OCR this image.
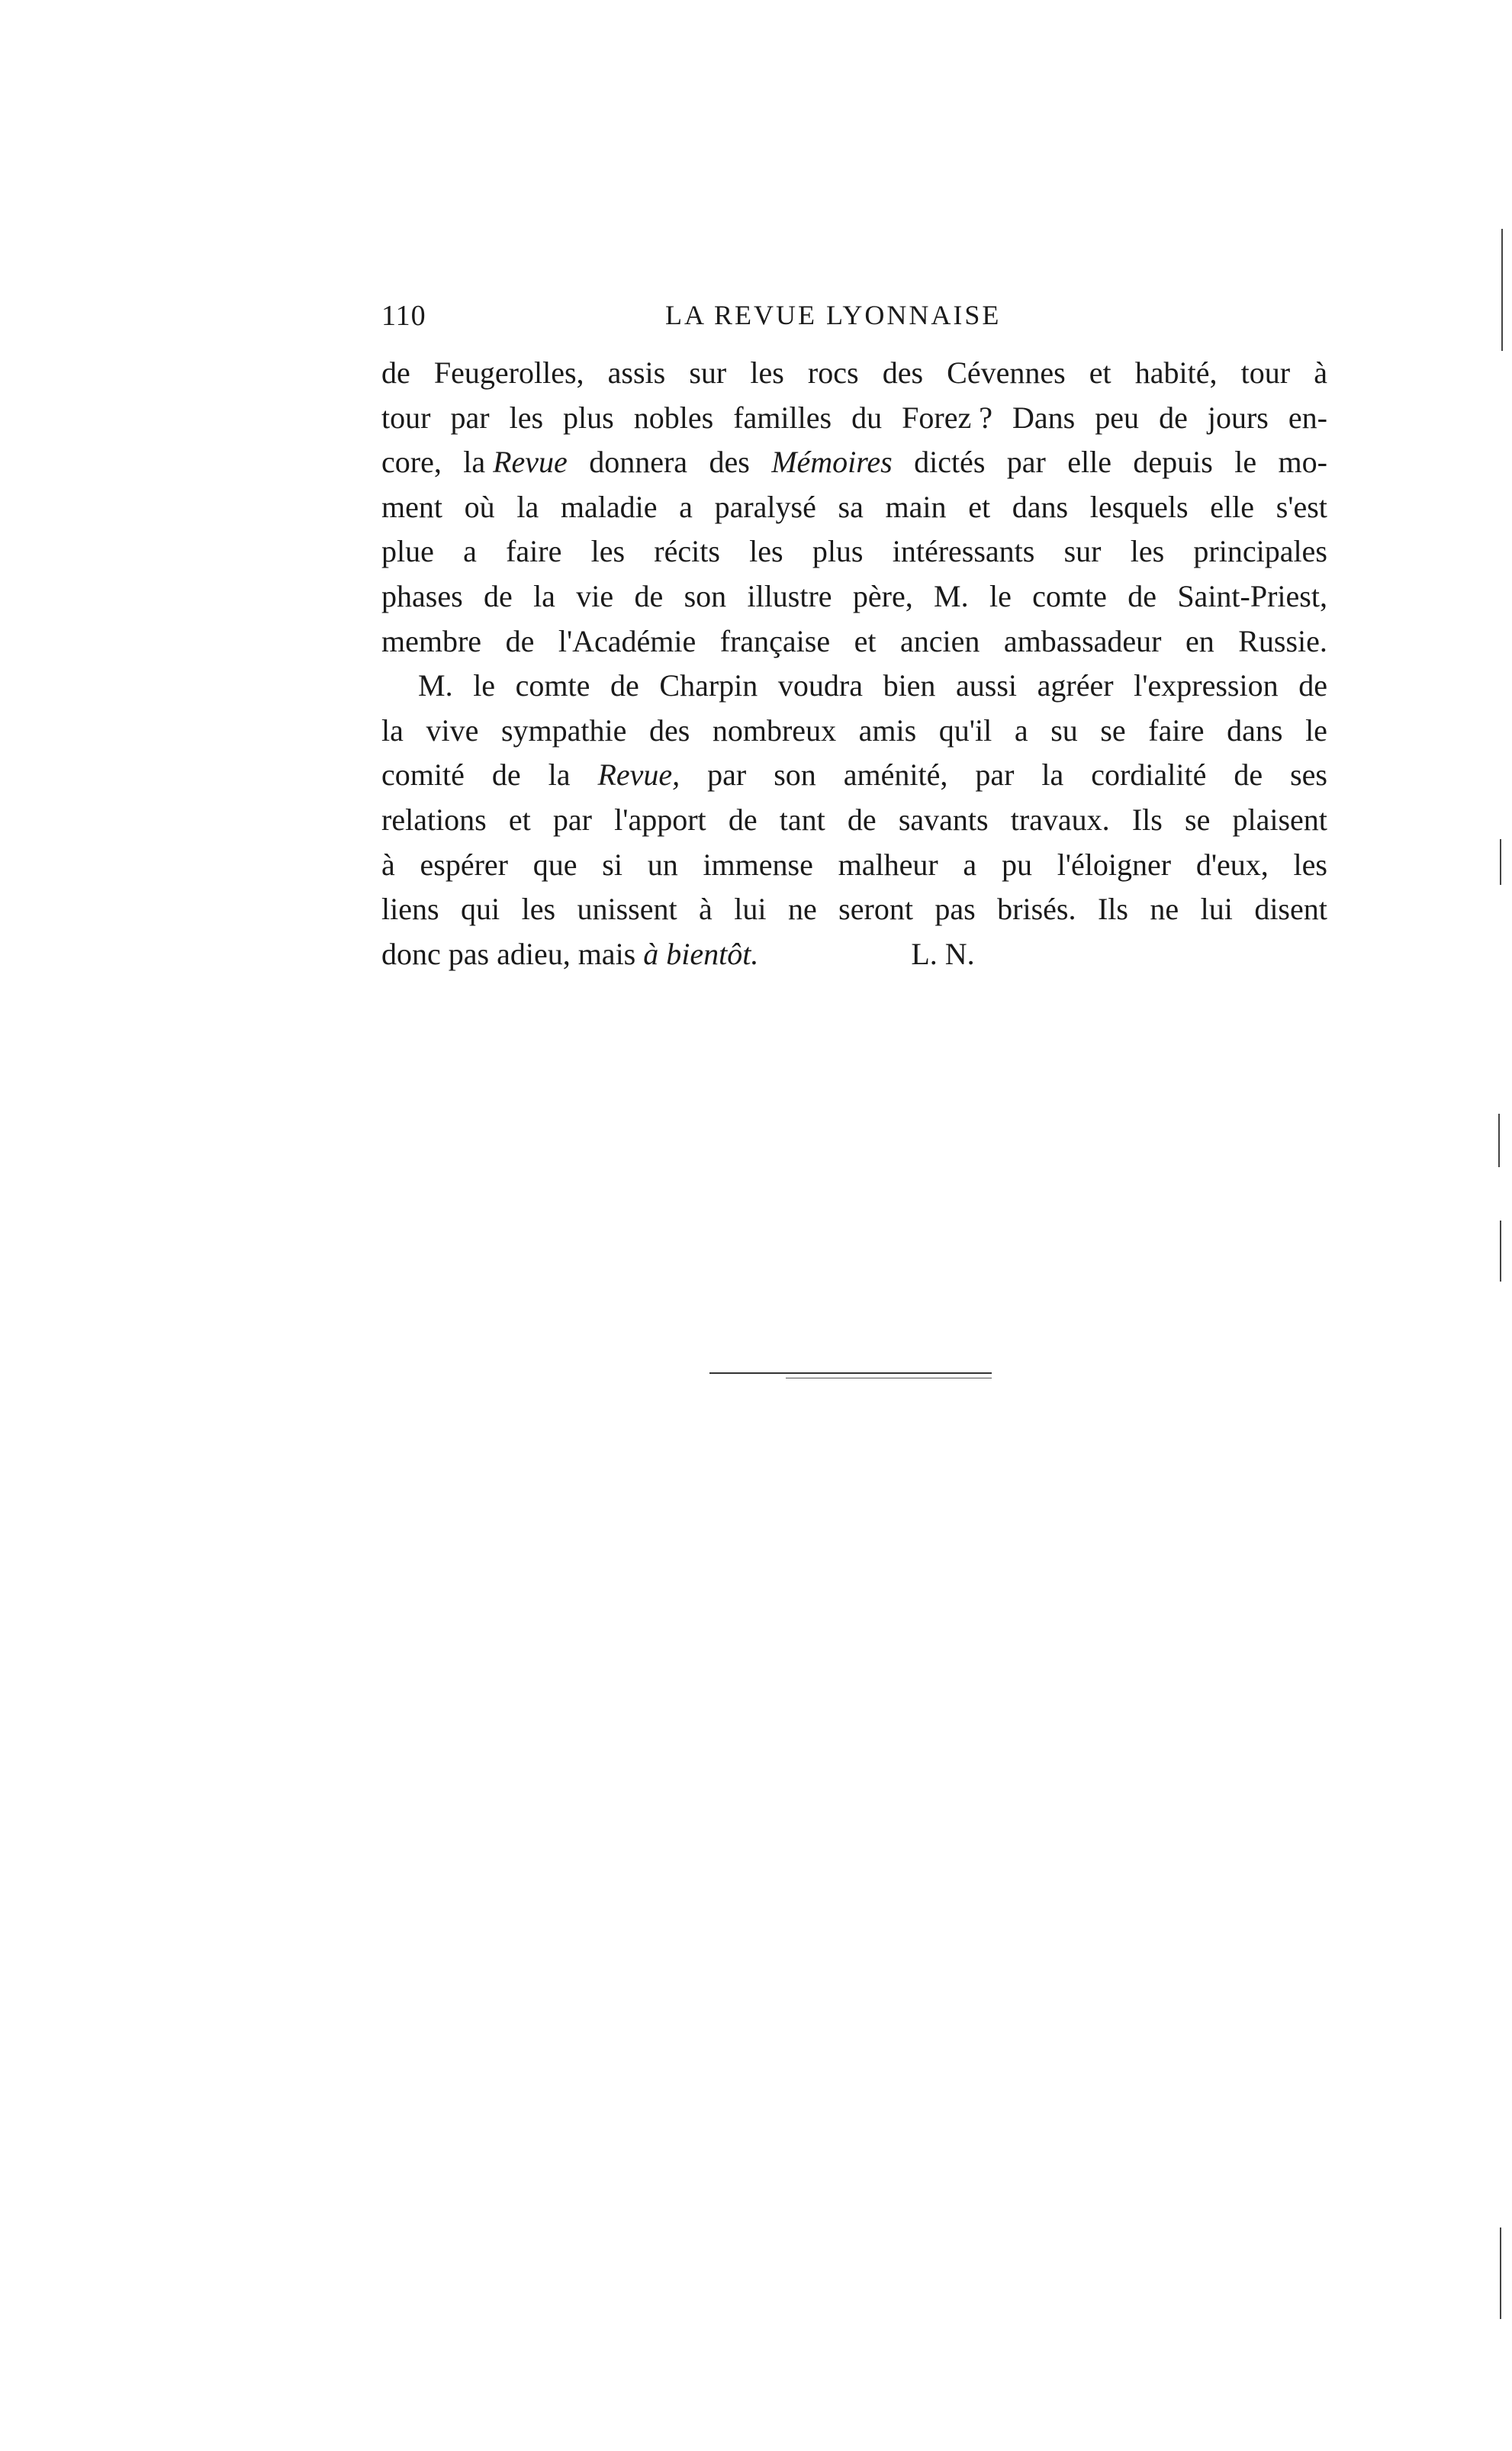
110	LA REVUE LYONNAISE
de Feugerolles, assis sur les rocs des Cévennes et habité, tour à
tour par les plus nobles familles du Forez ? Dans peu de jours en-
core, la Revue donnera des Mémoires dictés par elle depuis le mo-
ment où la maladie a paralysé sa main et dans lesquels elle s'est
plue a faire les récits les plus intéressants sur les principales
phases de la vie de son illustre père, M. le comte de Saint-Priest,
membre de l'Académie française et ancien ambassadeur en Russie.
M. le comte de Charpin voudra bien aussi agréer l'expression de
la vive sympathie des nombreux amis qu'il a su se faire dans le
comité de la Revue, par son aménité, par la cordialité de ses
relations et par l'apport de tant de savants travaux. Ils se plaisent
à espérer que si un immense malheur a pu l'éloigner d'eux, les
liens qui les unissent à lui ne seront pas brisés. Ils ne lui disent
donc pas adieu, mais à bientôt.	L. N.
